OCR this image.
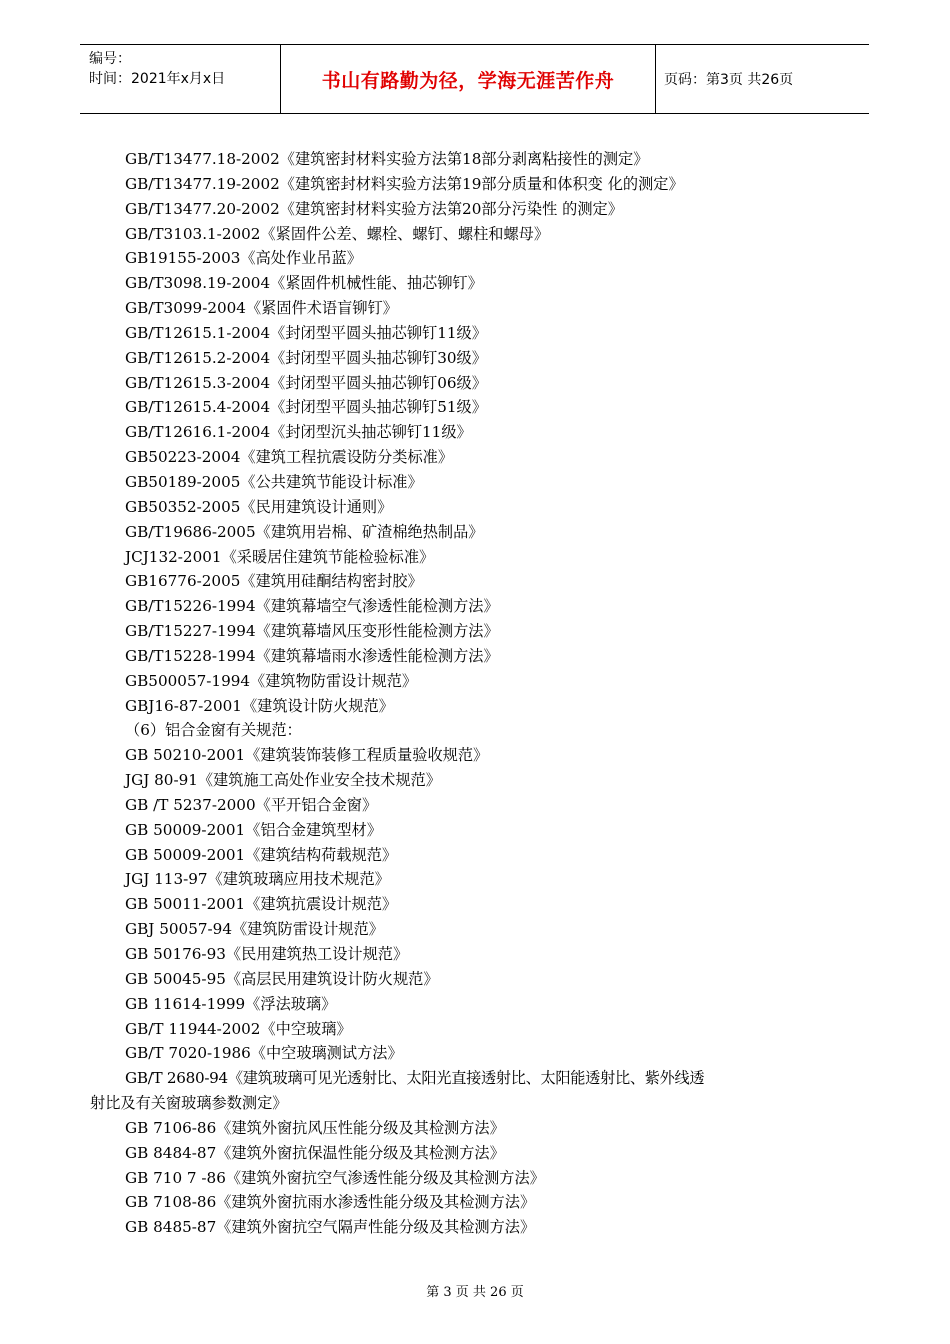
编号：
时间：2021年x月x日	书山有路勤为径，学海无涯苦作舟	页码：第3页 共26页
GB/T13477.18-2002《建筑密封材料实验方法第18部分剥离粘接性的测定》
GB/T13477.19-2002《建筑密封材料实验方法第19部分质量和体积变 化的测定》
GB/T13477.20-2002《建筑密封材料实验方法第20部分污染性 的测定》
GB/T3103.1-2002《紧固件公差、螺栓、螺钉、螺柱和螺母》
GB19155-2003《高处作业吊蓝》
GB/T3098.19-2004《紧固件机械性能、抽芯铆钉》
GB/T3099-2004《紧固件术语盲铆钉》
GB/T12615.1-2004《封闭型平圆头抽芯铆钉11级》
GB/T12615.2-2004《封闭型平圆头抽芯铆钉30级》
GB/T12615.3-2004《封闭型平圆头抽芯铆钉06级》
GB/T12615.4-2004《封闭型平圆头抽芯铆钉51级》
GB/T12616.1-2004《封闭型沉头抽芯铆钉11级》
GB50223-2004《建筑工程抗震设防分类标准》
GB50189-2005《公共建筑节能设计标准》
GB50352-2005《民用建筑设计通则》
GB/T19686-2005《建筑用岩棉、矿渣棉绝热制品》
JCJ132-2001《采暖居住建筑节能检验标准》
GB16776-2005《建筑用硅酮结构密封胶》
GB/T15226-1994《建筑幕墙空气渗透性能检测方法》
GB/T15227-1994《建筑幕墙风压变形性能检测方法》
GB/T15228-1994《建筑幕墙雨水渗透性能检测方法》
GB500057-1994《建筑物防雷设计规范》
GBJ16-87-2001《建筑设计防火规范》
（6）铝合金窗有关规范：
GB 50210-2001《建筑装饰装修工程质量验收规范》
JGJ 80-91《建筑施工高处作业安全技术规范》
GB /T 5237-2000《平开铝合金窗》
GB 50009-2001《铝合金建筑型材》
GB 50009-2001《建筑结构荷载规范》
JGJ 113-97《建筑玻璃应用技术规范》
GB 50011-2001《建筑抗震设计规范》
GBJ 50057-94《建筑防雷设计规范》
GB 50176-93《民用建筑热工设计规范》
GB 50045-95《高层民用建筑设计防火规范》
GB 11614-1999《浮法玻璃》
GB/T 11944-2002《中空玻璃》
GB/T 7020-1986《中空玻璃测试方法》
GB/T 2680-94《建筑玻璃可见光透射比、太阳光直接透射比、太阳能透射比、紫外线透
射比及有关窗玻璃参数测定》
GB 7106-86《建筑外窗抗风压性能分级及其检测方法》
GB 8484-87《建筑外窗抗保温性能分级及其检测方法》
GB 710 7 -86《建筑外窗抗空气渗透性能分级及其检测方法》
GB 7108-86《建筑外窗抗雨水渗透性能分级及其检测方法》
GB 8485-87《建筑外窗抗空气隔声性能分级及其检测方法》
第 3 页 共 26 页
